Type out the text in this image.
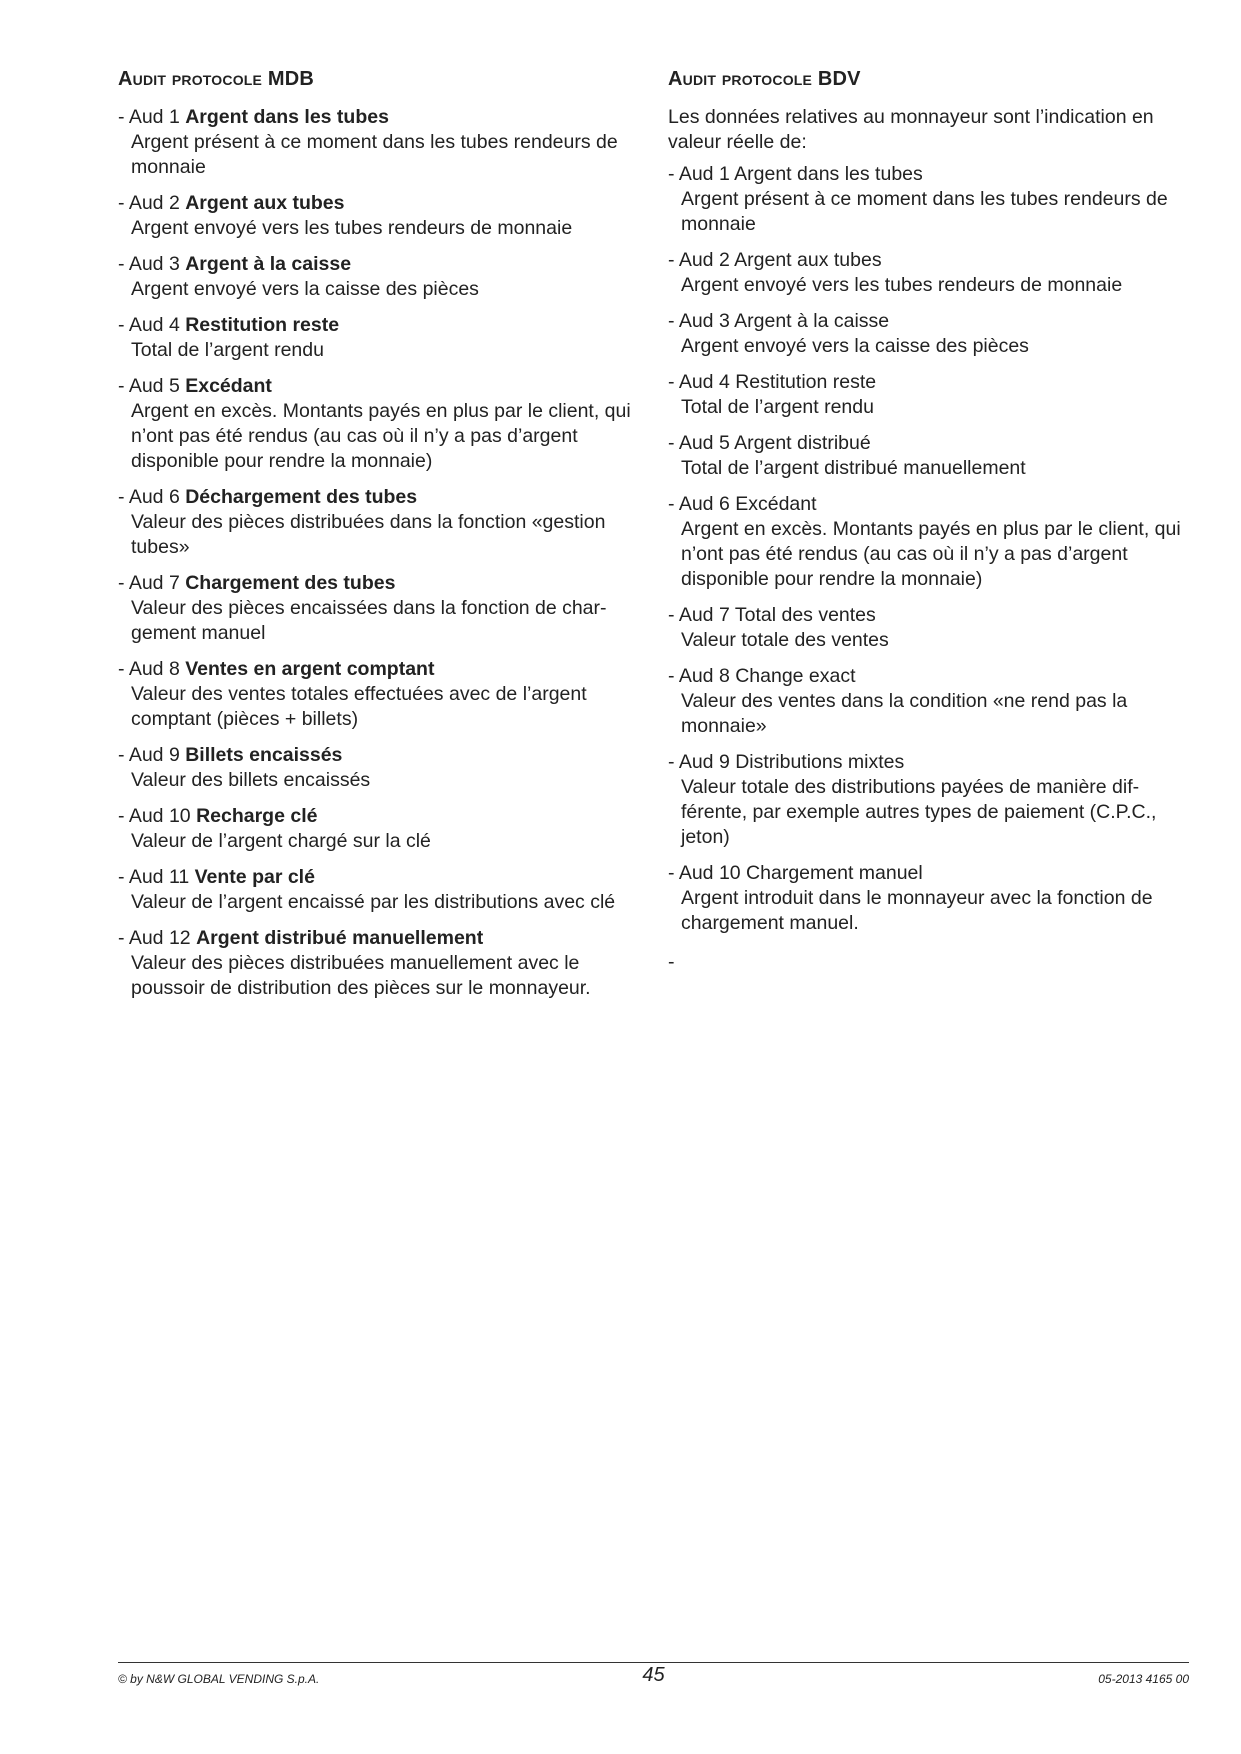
Audit protocole MDB
- Aud 1 Argent dans les tubes
Argent présent à ce moment dans les tubes rendeurs de monnaie
- Aud 2 Argent aux tubes
Argent envoyé vers les tubes rendeurs de monnaie
- Aud 3 Argent à la caisse
Argent envoyé vers la caisse des pièces
- Aud 4 Restitution reste
Total de l’argent rendu
- Aud 5 Excédant
Argent en excès. Montants payés en plus par le client, qui n’ont pas été rendus (au cas où il n’y a pas d’argent disponible pour rendre la monnaie)
- Aud 6 Déchargement des tubes
Valeur des pièces distribuées dans la fonction «gestion tubes»
- Aud 7 Chargement des tubes
Valeur des pièces encaissées dans la fonction de char-gement manuel
- Aud 8 Ventes en argent comptant
Valeur des ventes totales effectuées avec de l’argent comptant (pièces + billets)
- Aud 9 Billets encaissés
Valeur des billets encaissés
- Aud 10 Recharge clé
Valeur de l’argent chargé sur la clé
- Aud 11 Vente par clé
Valeur de l’argent encaissé par les distributions avec clé
- Aud 12 Argent distribué manuellement
Valeur des pièces distribuées manuellement avec le poussoir de distribution des pièces sur le monnayeur.
Audit protocole BDV
Les données relatives au monnayeur sont l’indication en valeur réelle de:
- Aud 1 Argent dans les tubes
Argent présent à ce moment dans les tubes rendeurs de monnaie
- Aud 2 Argent aux tubes
Argent envoyé vers les tubes rendeurs de monnaie
- Aud 3 Argent à la caisse
Argent envoyé vers la caisse des pièces
- Aud 4 Restitution reste
Total de l’argent rendu
- Aud 5 Argent distribué
Total de l’argent distribué manuellement
- Aud 6 Excédant
Argent en excès. Montants payés en plus par le client, qui n’ont pas été rendus (au cas où il n’y a pas d’argent disponible pour rendre la monnaie)
- Aud 7 Total des ventes
Valeur totale des ventes
- Aud 8 Change exact
Valeur des ventes dans la condition «ne rend pas la monnaie»
- Aud 9 Distributions mixtes
Valeur totale des distributions payées de manière dif-férente, par exemple autres types de paiement (C.P.C., jeton)
- Aud 10 Chargement manuel
Argent introduit dans le monnayeur avec la fonction de chargement manuel.
-
© by N&W GLOBAL VENDING S.p.A.	45	05-2013 4165 00
